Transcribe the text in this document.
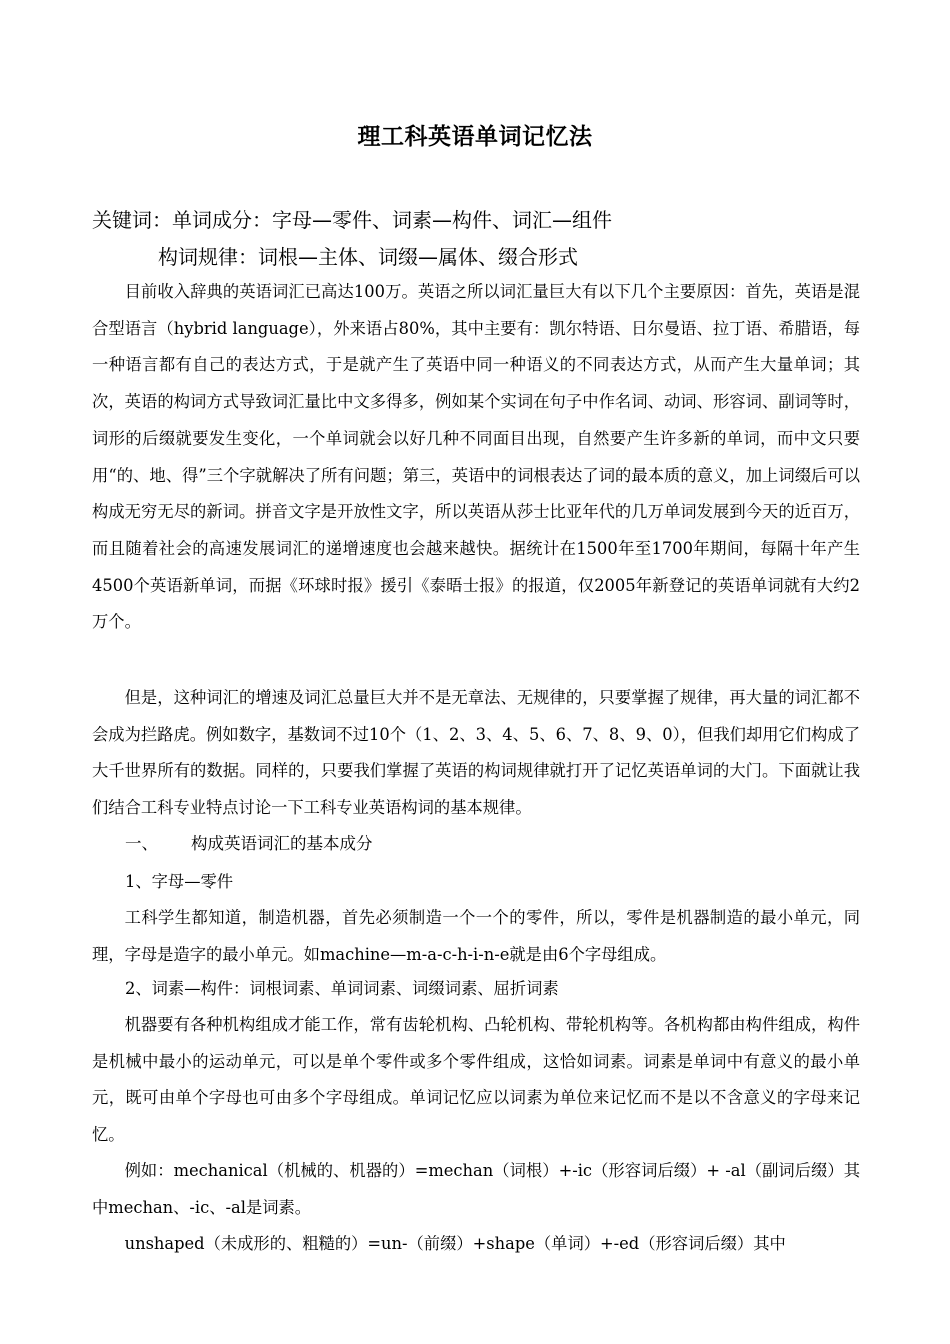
理工科英语单词记忆法
关键词：单词成分：字母—零件、词素—构件、词汇—组件
构词规律：词根—主体、词缀—属体、缀合形式

目前收入辞典的英语词汇已高达100万。英语之所以词汇量巨大有以下几个主要原因：首先，英语是混合型语言（hybrid language），外来语占80%，其中主要有：凯尔特语、日尔曼语、拉丁语、希腊语，每一种语言都有自己的表达方式，于是就产生了英语中同一种语义的不同表达方式，从而产生大量单词；其次，英语的构词方式导致词汇量比中文多得多，例如某个实词在句子中作名词、动词、形容词、副词等时，词形的后缀就要发生变化，一个单词就会以好几种不同面目出现，自然要产生许多新的单词，而中文只要用“的、地、得”三个字就解决了所有问题；第三，英语中的词根表达了词的最本质的意义，加上词缀后可以构成无穷无尽的新词。拼音文字是开放性文字，所以英语从莎士比亚年代的几万单词发展到今天的近百万，而且随着社会的高速发展词汇的递增速度也会越来越快。据统计在1500年至1700年期间，每隔十年产生4500个英语新单词，而据《环球时报》援引《泰晤士报》的报道，仅2005年新登记的英语单词就有大约2万个。

但是，这种词汇的增速及词汇总量巨大并不是无章法、无规律的，只要掌握了规律，再大量的词汇都不会成为拦路虎。例如数字，基数词不过10个（1、2、3、4、5、6、7、8、9、0），但我们却用它们构成了大千世界所有的数据。同样的，只要我们掌握了英语的构词规律就打开了记忆英语单词的大门。下面就让我们结合工科专业特点讨论一下工科专业英语构词的基本规律。

一、 构成英语词汇的基本成分
1、字母—零件

工科学生都知道，制造机器，首先必须制造一个一个的零件，所以，零件是机器制造的最小单元，同理，字母是造字的最小单元。如machine—m-a-c-h-i-n-e就是由6个字母组成。

2、词素—构件：词根词素、单词词素、词缀词素、屈折词素

机器要有各种机构组成才能工作，常有齿轮机构、凸轮机构、带轮机构等。各机构都由构件组成，构件是机械中最小的运动单元，可以是单个零件或多个零件组成，这恰如词素。词素是单词中有意义的最小单元，既可由单个字母也可由多个字母组成。单词记忆应以词素为单位来记忆而不是以不含意义的字母来记忆。

例如：mechanical（机械的、机器的）=mechan（词根）+-ic（形容词后缀）+ -al（副词后缀）其中mechan、-ic、-al是词素。

unshaped（未成形的、粗糙的）=un-（前缀）+shape（单词）+-ed（形容词后缀）其中
